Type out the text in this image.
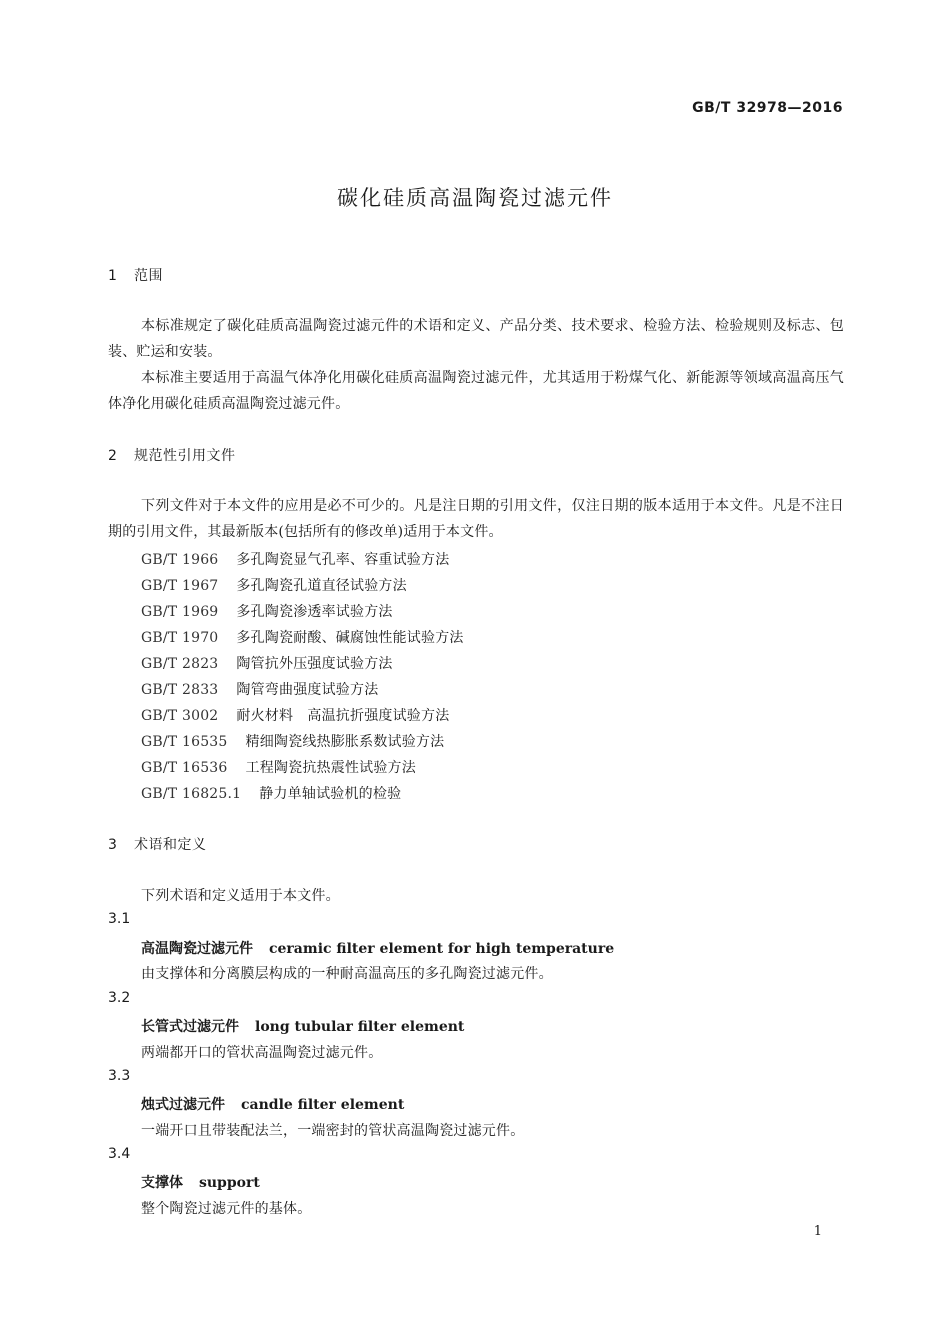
GB/T 32978—2016
碳化硅质高温陶瓷过滤元件
1 范围
本标准规定了碳化硅质高温陶瓷过滤元件的术语和定义、产品分类、技术要求、检验方法、检验规则及标志、包装、贮运和安装。
本标准主要适用于高温气体净化用碳化硅质高温陶瓷过滤元件，尤其适用于粉煤气化、新能源等领域高温高压气体净化用碳化硅质高温陶瓷过滤元件。
2 规范性引用文件
下列文件对于本文件的应用是必不可少的。凡是注日期的引用文件，仅注日期的版本适用于本文件。凡是不注日期的引用文件，其最新版本(包括所有的修改单)适用于本文件。
GB/T 1966 多孔陶瓷显气孔率、容重试验方法
GB/T 1967 多孔陶瓷孔道直径试验方法
GB/T 1969 多孔陶瓷渗透率试验方法
GB/T 1970 多孔陶瓷耐酸、碱腐蚀性能试验方法
GB/T 2823 陶管抗外压强度试验方法
GB/T 2833 陶管弯曲强度试验方法
GB/T 3002 耐火材料　高温抗折强度试验方法
GB/T 16535 精细陶瓷线热膨胀系数试验方法
GB/T 16536 工程陶瓷抗热震性试验方法
GB/T 16825.1 静力单轴试验机的检验
3 术语和定义
下列术语和定义适用于本文件。
3.1
高温陶瓷过滤元件 ceramic filter element for high temperature
由支撑体和分离膜层构成的一种耐高温高压的多孔陶瓷过滤元件。
3.2
长管式过滤元件 long tubular filter element
两端都开口的管状高温陶瓷过滤元件。
3.3
烛式过滤元件 candle filter element
一端开口且带装配法兰，一端密封的管状高温陶瓷过滤元件。
3.4
支撑体 support
整个陶瓷过滤元件的基体。
1
